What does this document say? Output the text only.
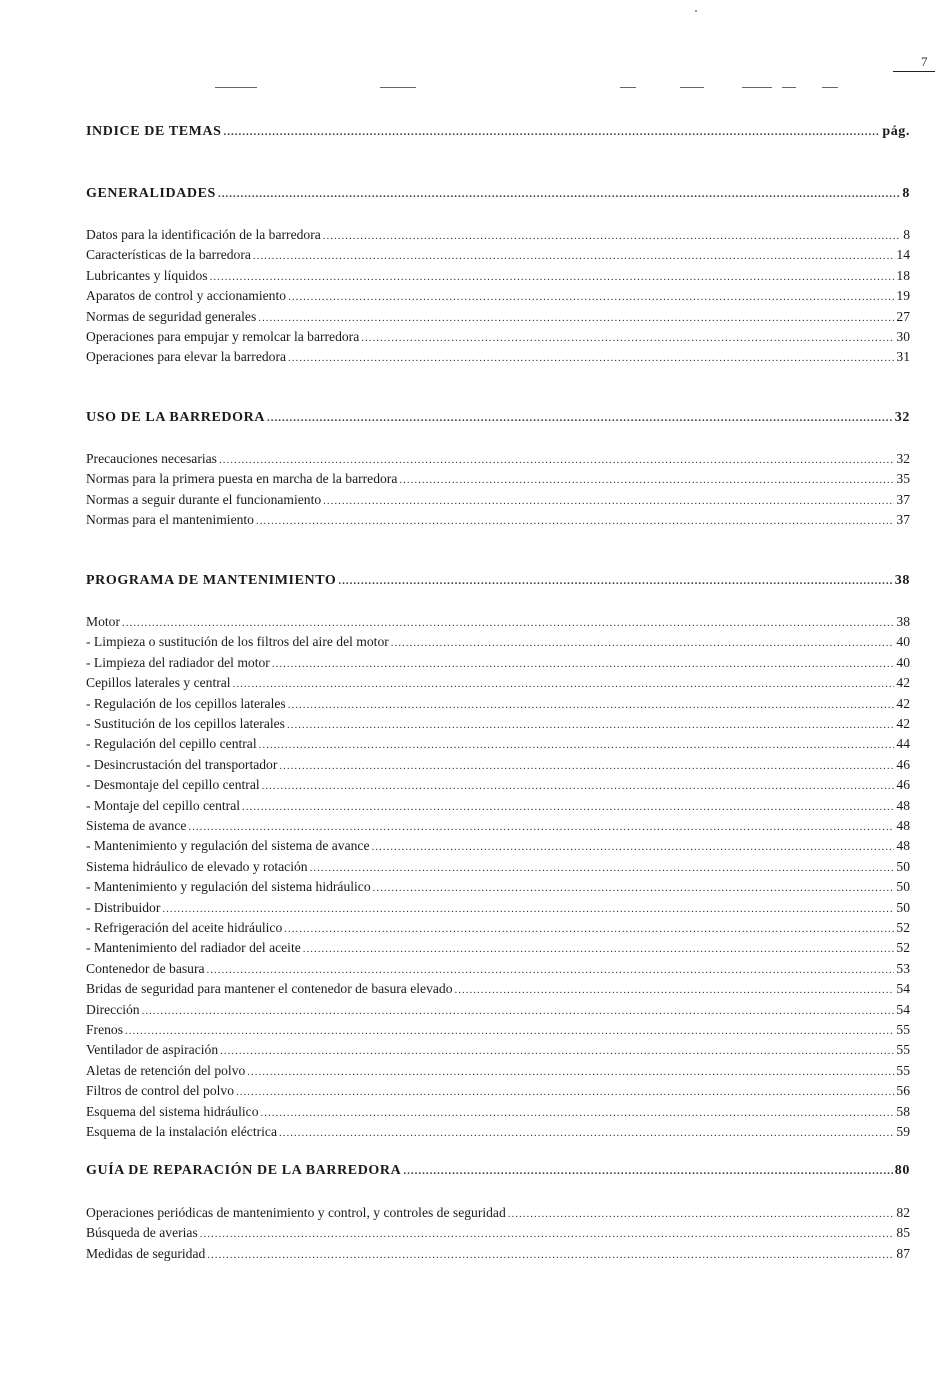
7
INDICE DE TEMAS .....	pág.
GENERALIDADES .....	8
Datos para la identificación de la barredora .....	8
Características de la barredora .....	14
Lubricantes y líquidos .....	18
Aparatos de control y accionamiento .....	19
Normas de seguridad generales .....	27
Operaciones para empujar y remolcar la barredora .....	30
Operaciones para elevar la barredora .....	31
USO DE LA BARREDORA .....	32
Precauciones necesarias .....	32
Normas para la primera puesta en marcha de la barredora .....	35
Normas a seguir durante el funcionamiento .....	37
Normas para el mantenimiento .....	37
PROGRAMA DE MANTENIMIENTO .....	38
Motor .....	38
- Limpieza o sustitución de los filtros del aire del motor .....	40
- Limpieza del radiador del motor .....	40
Cepillos laterales y central .....	42
- Regulación de los cepillos laterales .....	42
- Sustitución de los cepillos laterales .....	42
- Regulación del cepillo central .....	44
- Desincrustación del transportador .....	46
- Desmontaje del cepillo central .....	46
- Montaje del cepillo central .....	48
Sistema de avance .....	48
- Mantenimiento y regulación del sistema de avance .....	48
Sistema hidráulico de elevado y rotación .....	50
- Mantenimiento y regulación del sistema hidráulico .....	50
- Distribuidor .....	50
- Refrigeración del aceite hidráulico .....	52
- Mantenimiento del radiador del aceite .....	52
Contenedor de basura .....	53
Bridas de seguridad para mantener el contenedor de basura elevado .....	54
Dirección .....	54
Frenos .....	55
Ventilador de aspiración .....	55
Aletas de retención del polvo .....	55
Filtros de control del polvo .....	56
Esquema del sistema hidráulico .....	58
Esquema de la instalación eléctrica .....	59
GUÍA DE REPARACIÓN DE LA BARREDORA .....	80
Operaciones periódicas de mantenimiento y control, y controles de seguridad .....	82
Búsqueda de averias .....	85
Medidas de seguridad .....	87
